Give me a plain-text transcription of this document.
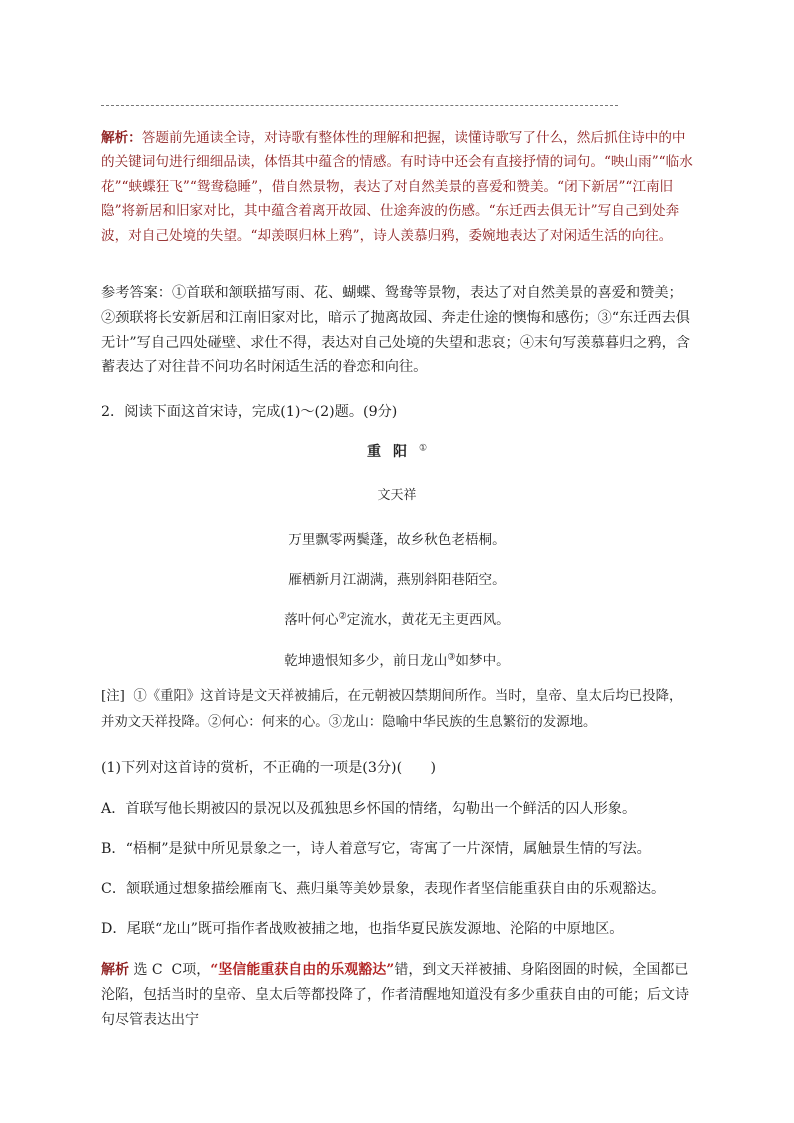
解析：答题前先通读全诗，对诗歌有整体性的理解和把握，读懂诗歌写了什么，然后抓住诗中的中的关键词句进行细细品读，体悟其中蕴含的情感。有时诗中还会有直接抒情的词句。“映山雨”“临水花”“蛱蝶狂飞”“鸳鸯稳睡”，借自然景物，表达了对自然美景的喜爱和赞美。“闭下新居”“江南旧隐”将新居和旧家对比，其中蕴含着离开故园、仕途奔波的伤感。“东迁西去俱无计”写自己到处奔波，对自己处境的失望。“却羡暝归林上鸦”，诗人羡慕归鸦，委婉地表达了对闲适生活的向往。
参考答案：①首联和颔联描写雨、花、蝴蝶、鸳鸯等景物，表达了对自然美景的喜爱和赞美；②颈联将长安新居和江南旧家对比，暗示了抛离故园、奔走仕途的懊悔和感伤；③“东迁西去俱无计”写自己四处碰壁、求仕不得，表达对自己处境的失望和悲哀；④末句写羡慕暮归之鸦，含蓄表达了对往昔不问功名时闲适生活的眷恋和向往。
2．阅读下面这首宋诗，完成(1)～(2)题。(9分)
重阳①
文天祥
万里飘零两鬓蓬，故乡秋色老梧桐。
雁栖新月江湖满，燕别斜阳巷陌空。
落叶何心②定流水，黄花无主更西风。
乾坤遗恨知多少，前日龙山③如梦中。
[注] ①《重阳》这首诗是文天祥被捕后，在元朝被囚禁期间所作。当时，皇帝、皇太后均已投降，并劝文天祥投降。②何心：何来的心。③龙山：隐喻中华民族的生息繁衍的发源地。
(1)下列对这首诗的赏析，不正确的一项是(3分)(　　)
A．首联写他长期被囚的景况以及孤独思乡怀国的情绪，勾勒出一个鲜活的囚人形象。
B．“梧桐”是狱中所见景象之一，诗人着意写它，寄寓了一片深情，属触景生情的写法。
C．颔联通过想象描绘雁南飞、燕归巢等美妙景象，表现作者坚信能重获自由的乐观豁达。
D．尾联“龙山”既可指作者战败被捕之地，也指华夏民族发源地、沦陷的中原地区。
解析 选 C C项，“坚信能重获自由的乐观豁达”错，到文天祥被捕、身陷囹圄的时候，全国都已沦陷，包括当时的皇帝、皇太后等都投降了，作者清醒地知道没有多少重获自由的可能；后文诗句尽管表达出宁
